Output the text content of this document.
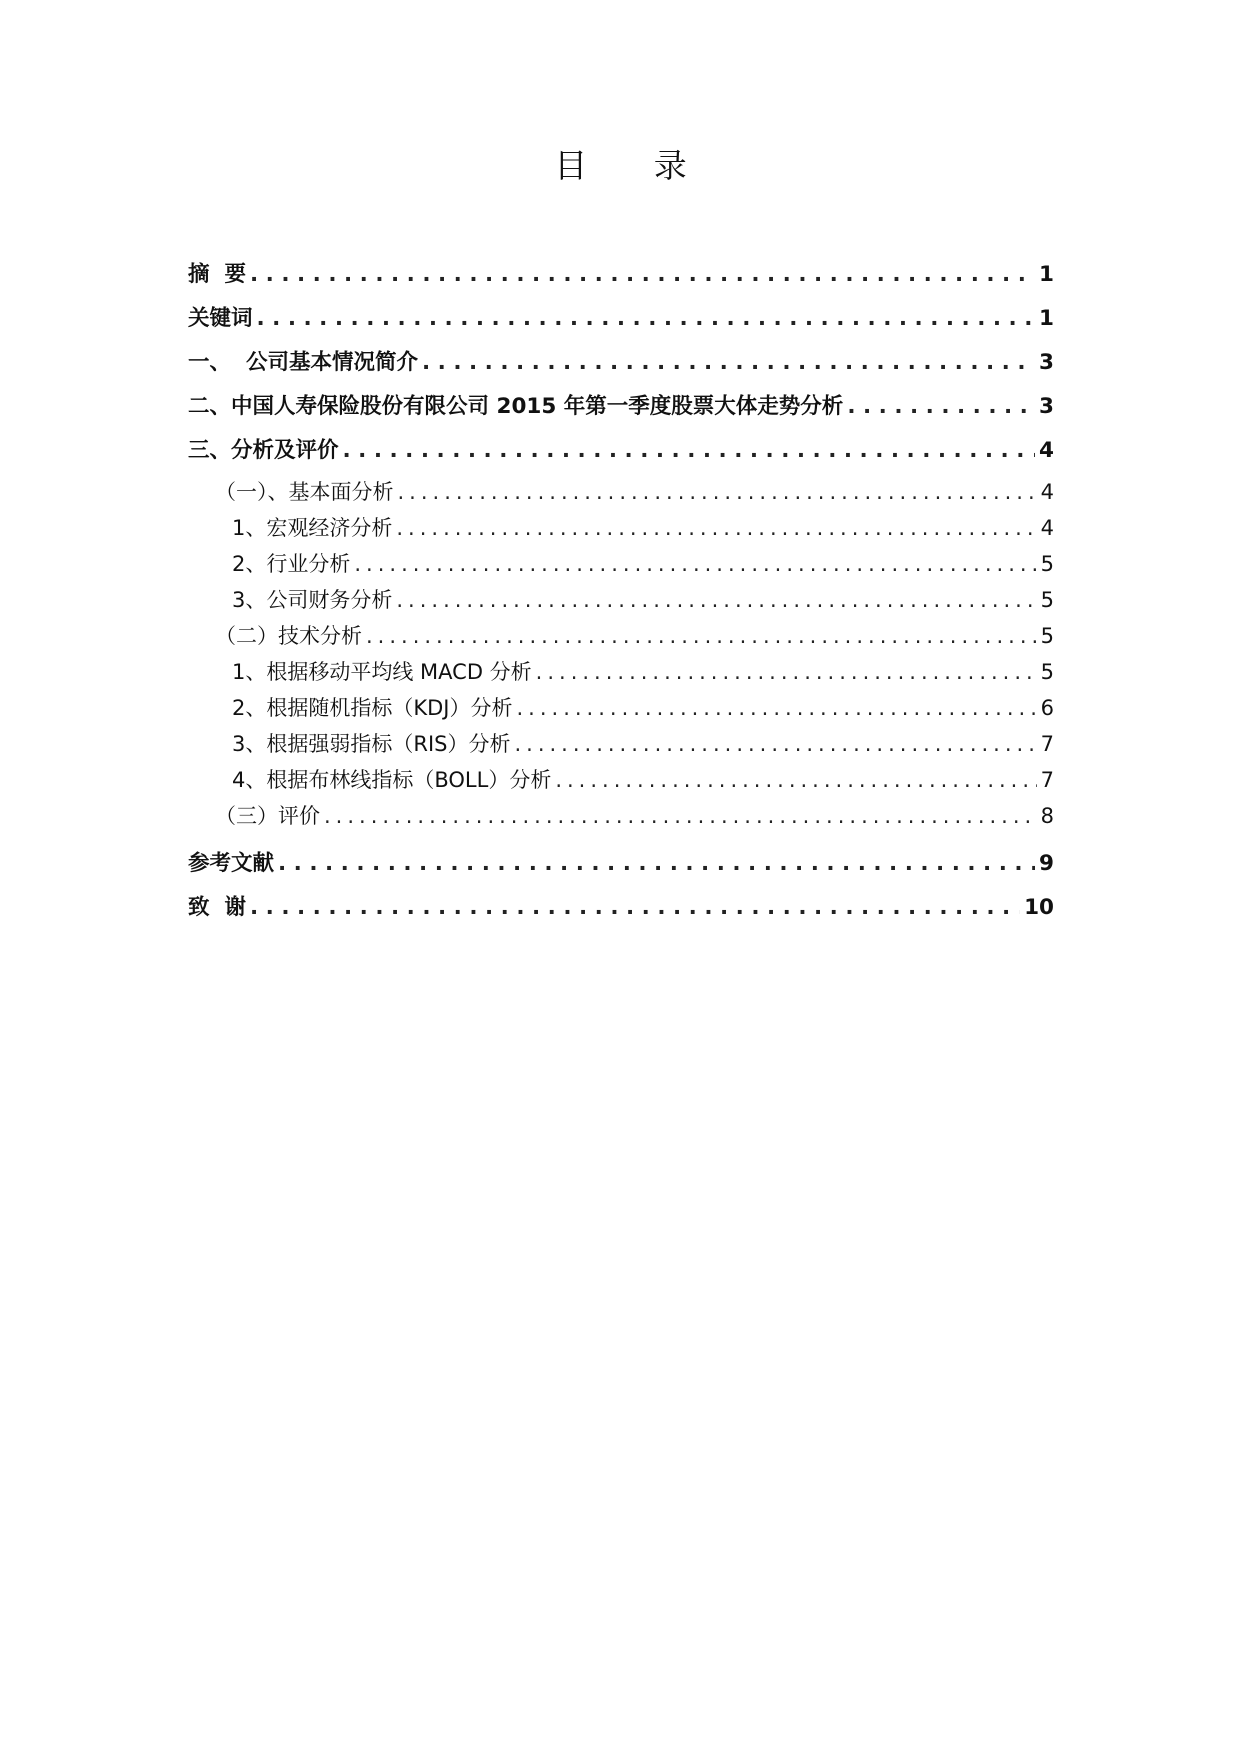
目 录
摘  要 .....	1
关键词 .....	1
一、  公司基本情况简介 .....	3
二、中国人寿保险股份有限公司 2015 年第一季度股票大体走势分析 .....	3
三、分析及评价 .....	4
（一）、基本面分析 .....	4
1、宏观经济分析 .....	4
2、行业分析 .....	5
3、公司财务分析 .....	5
（二）技术分析 .....	5
1、根据移动平均线 MACD 分析 .....	5
2、根据随机指标（KDJ）分析 .....	6
3、根据强弱指标（RIS）分析 .....	7
4、根据布林线指标（BOLL）分析 .....	7
（三）评价 .....	8
参考文献 .....	9
致  谢 .....	10
